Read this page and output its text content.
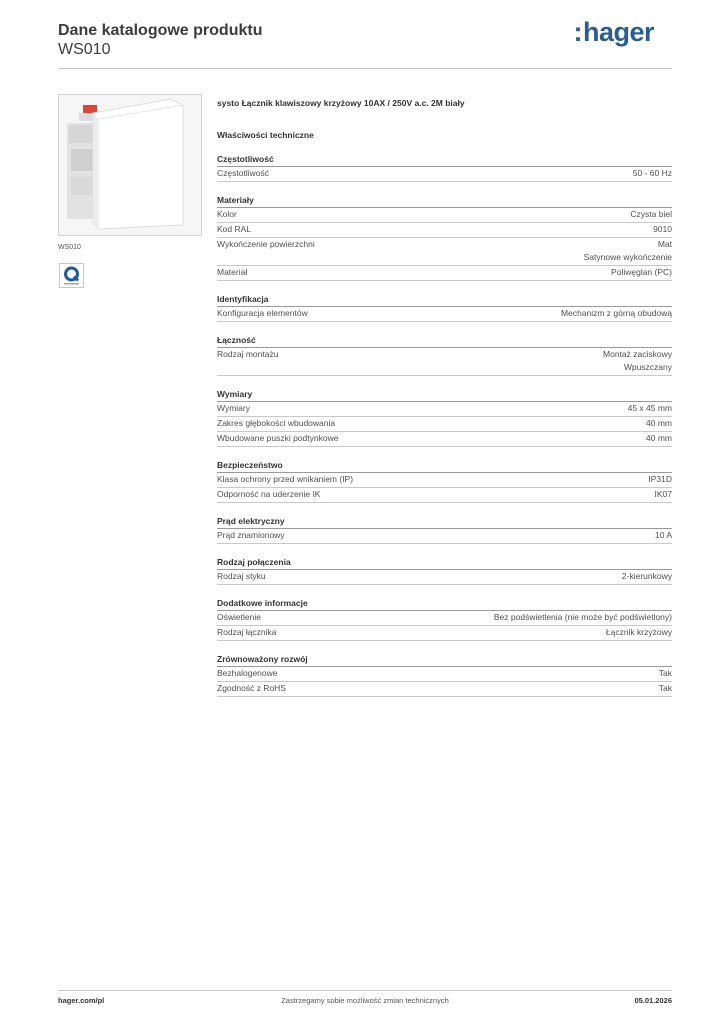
Dane katalogowe produktu
WS010
:hager
WS010
systo Łącznik klawiszowy krzyżowy 10AX / 250V a.c. 2M biały
Właściwości techniczne
Częstotliwość
Częstotliwość	50 - 60 Hz
Materiały
Kolor	Czysta biel
Kod RAL	9010
Wykończenie powierzchni	Mat
Satynowe wykończenie
Materiał	Poliwęglan (PC)
Identyfikacja
Konfiguracja elementów	Mechanizm z górną obudową
Łączność
Rodzaj montażu	Montaż zaciskowy
Wpuszczany
Wymiary
Wymiary	45 x 45 mm
Zakres głębokości wbudowania	40 mm
Wbudowane puszki podtynkowe	40 mm
Bezpieczeństwo
Klasa ochrony przed wnikaniem (IP)	IP31D
Odporność na uderzenie IK	IK07
Prąd elektryczny
Prąd znamionowy	10 A
Rodzaj połączenia
Rodzaj styku	2-kierunkowy
Dodatkowe informacje
Oświetlenie	Bez podświetlenia (nie może być podświetlony)
Rodzaj łącznika	Łącznik krzyżowy
Zrównoważony rozwój
Bezhalogenowe	Tak
Zgodność z RoHS	Tak
hager.com/pl	Zastrzegamy sobie możliwość zmian technicznych	05.01.2026
